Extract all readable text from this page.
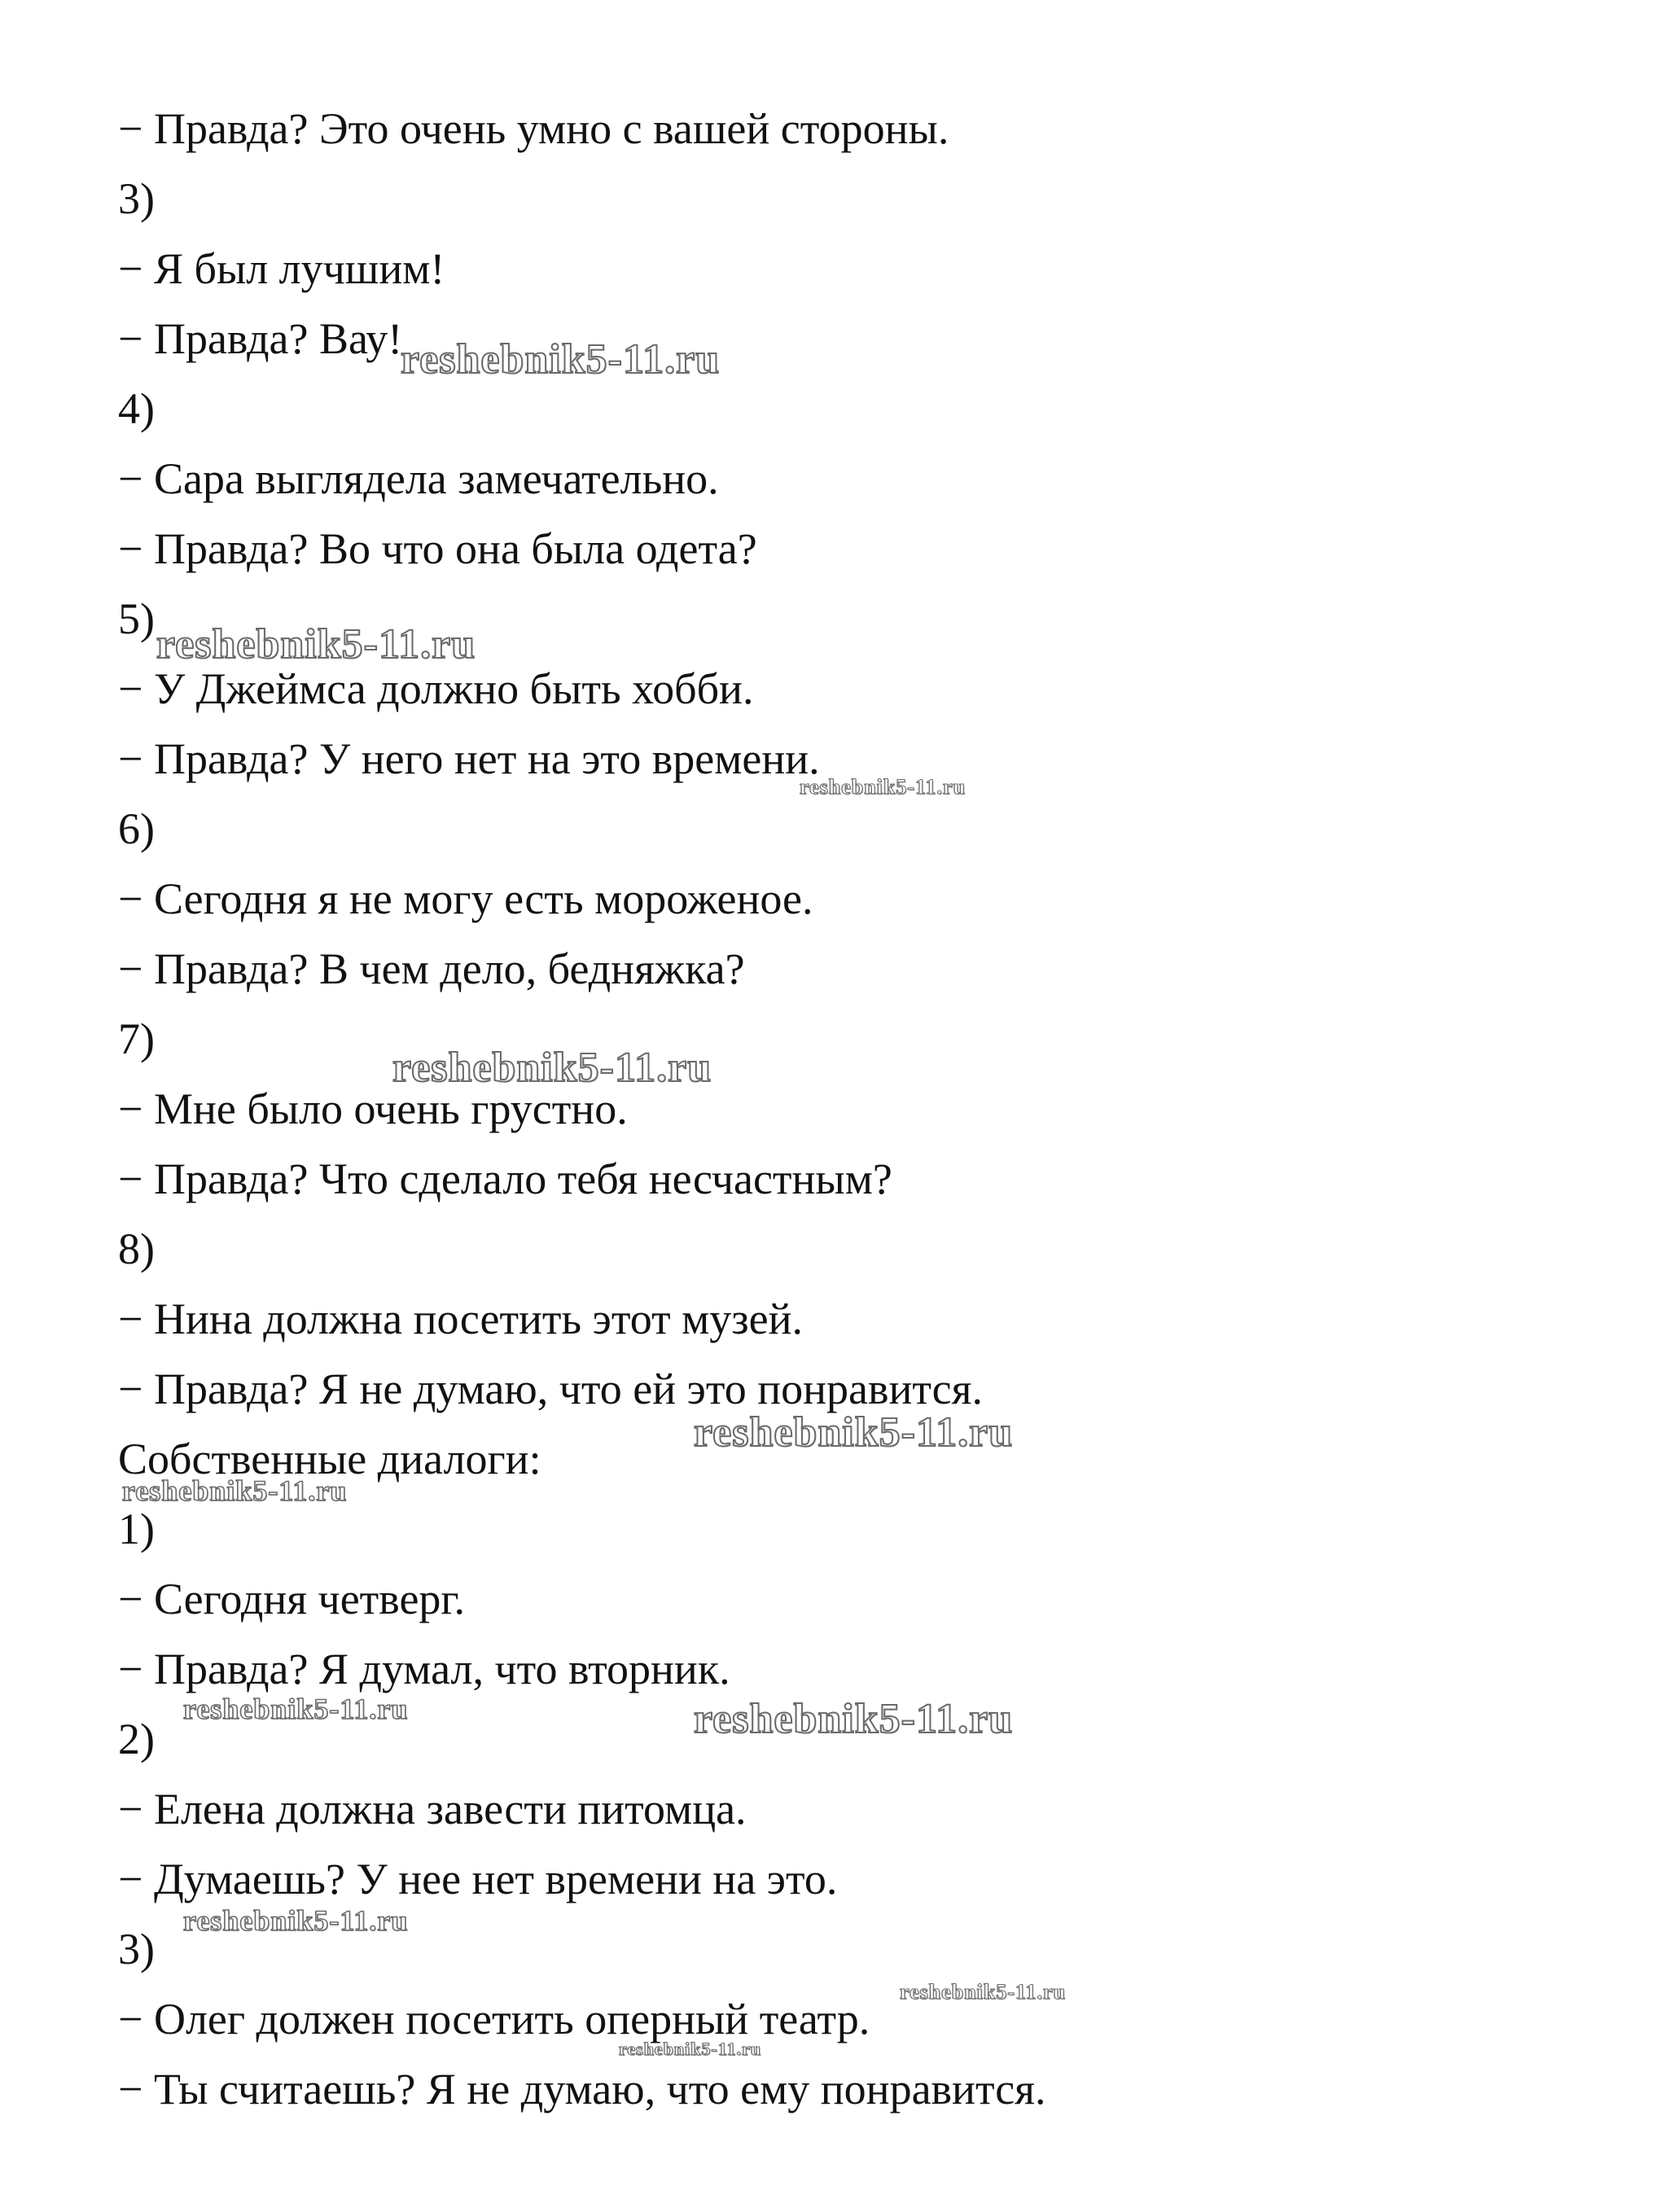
− Правда? Это очень умно с вашей стороны.

3)

− Я был лучшим!

− Правда? Вау!

4)

− Сара выглядела замечательно.

− Правда? Во что она была одета?

5)

− У Джеймса должно быть хобби.

− Правда? У него нет на это времени.

6)

− Сегодня я не могу есть мороженое.

− Правда? В чем дело, бедняжка?

7)

− Мне было очень грустно.

− Правда? Что сделало тебя несчастным?

8)

− Нина должна посетить этот музей.

− Правда? Я не думаю, что ей это понравится.

Собственные диалоги:

1)

− Сегодня четверг.

− Правда? Я думал, что вторник.

2)

− Елена должна завести питомца.

− Думаешь? У нее нет времени на это.

3)

− Олег должен посетить оперный театр.

− Ты считаешь? Я не думаю, что ему понравится.

reshebnik5-11.ru
reshebnik5-11.ru
reshebnik5-11.ru
reshebnik5-11.ru
reshebnik5-11.ru
reshebnik5-11.ru
reshebnik5-11.ru	reshebnik5-11.ru
reshebnik5-11.ru
reshebnik5-11.ru
reshebnik5-11.ru
